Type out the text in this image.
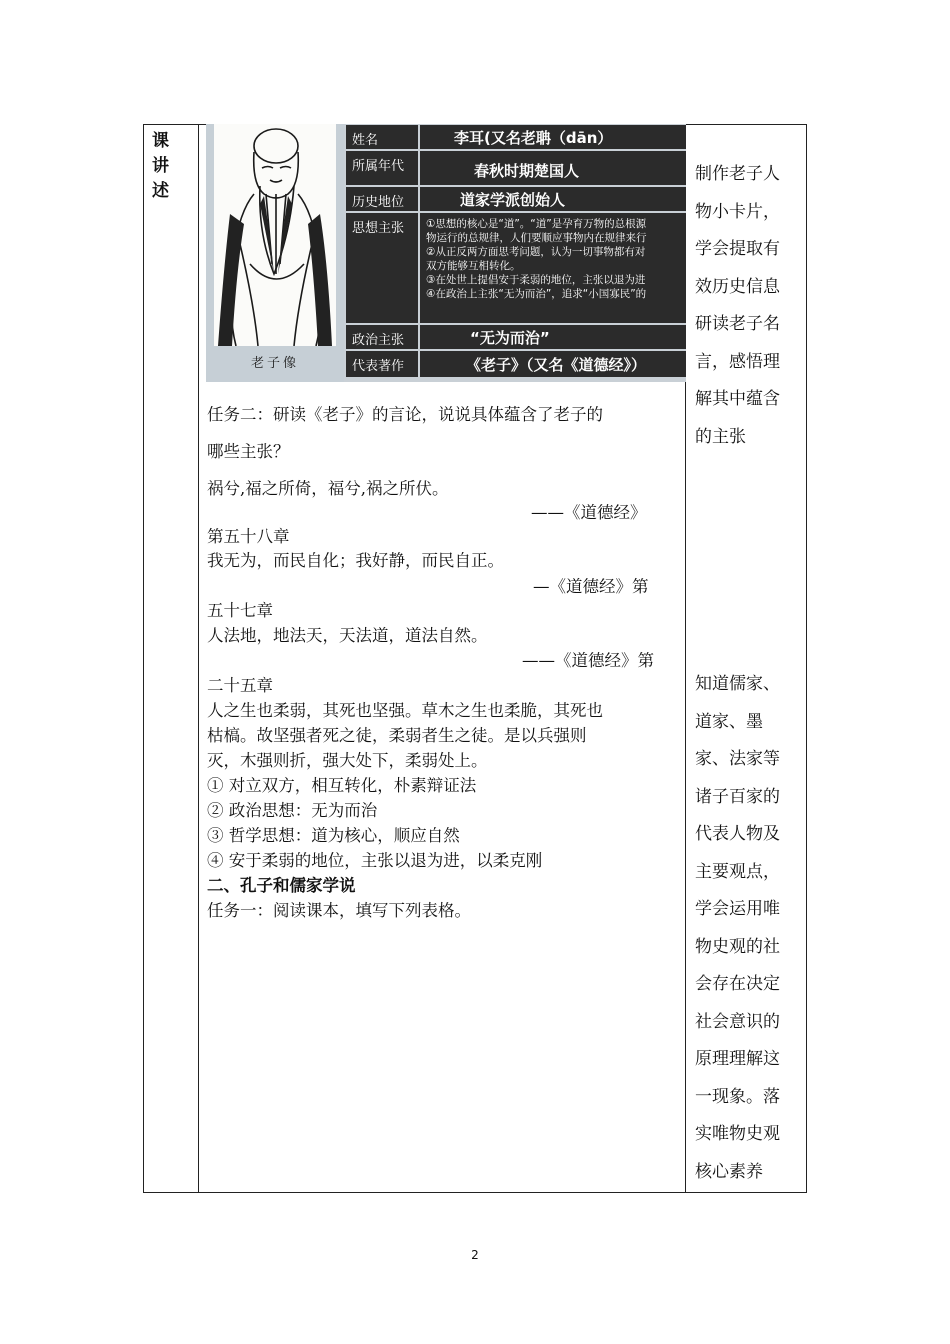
课
讲
述
老子像
姓名	李耳(又名老聃（dān）
所属年代	春秋时期楚国人
历史地位	道家学派创始人
思想主张	①思想的核心是“道”。“道”是孕育万物的总根源
物运行的总规律，人们要顺应事物内在规律来行
②从正反两方面思考问题，认为一切事物都有对
双方能够互相转化。
③在处世上提倡安于柔弱的地位，主张以退为进
④在政治上主张“无为而治”，追求“小国寡民”的
政治主张	“无为而治”
代表著作	《老子》（又名《道德经》）
任务二：研读《老子》的言论，说说具体蕴含了老子的
哪些主张？
祸兮,福之所倚，福兮,祸之所伏。
——《道德经》
第五十八章
我无为，而民自化；我好静，而民自正。
—《道德经》第
五十七章
人法地，地法天，天法道，道法自然。
——《道德经》第
二十五章
人之生也柔弱，其死也坚强。草木之生也柔脆，其死也
枯槁。故坚强者死之徒，柔弱者生之徒。是以兵强则
灭，木强则折，强大处下，柔弱处上。
① 对立双方，相互转化，朴素辩证法
② 政治思想：无为而治
③ 哲学思想：道为核心，顺应自然
④ 安于柔弱的地位，主张以退为进，以柔克刚
二、孔子和儒家学说
任务一：阅读课本，填写下列表格。
制作老子人
物小卡片，
学会提取有
效历史信息
研读老子名
言，感悟理
解其中蕴含
的主张
知道儒家、
道家、墨
家、法家等
诸子百家的
代表人物及
主要观点，
学会运用唯
物史观的社
会存在决定
社会意识的
原理理解这
一现象。落
实唯物史观
核心素养
2
